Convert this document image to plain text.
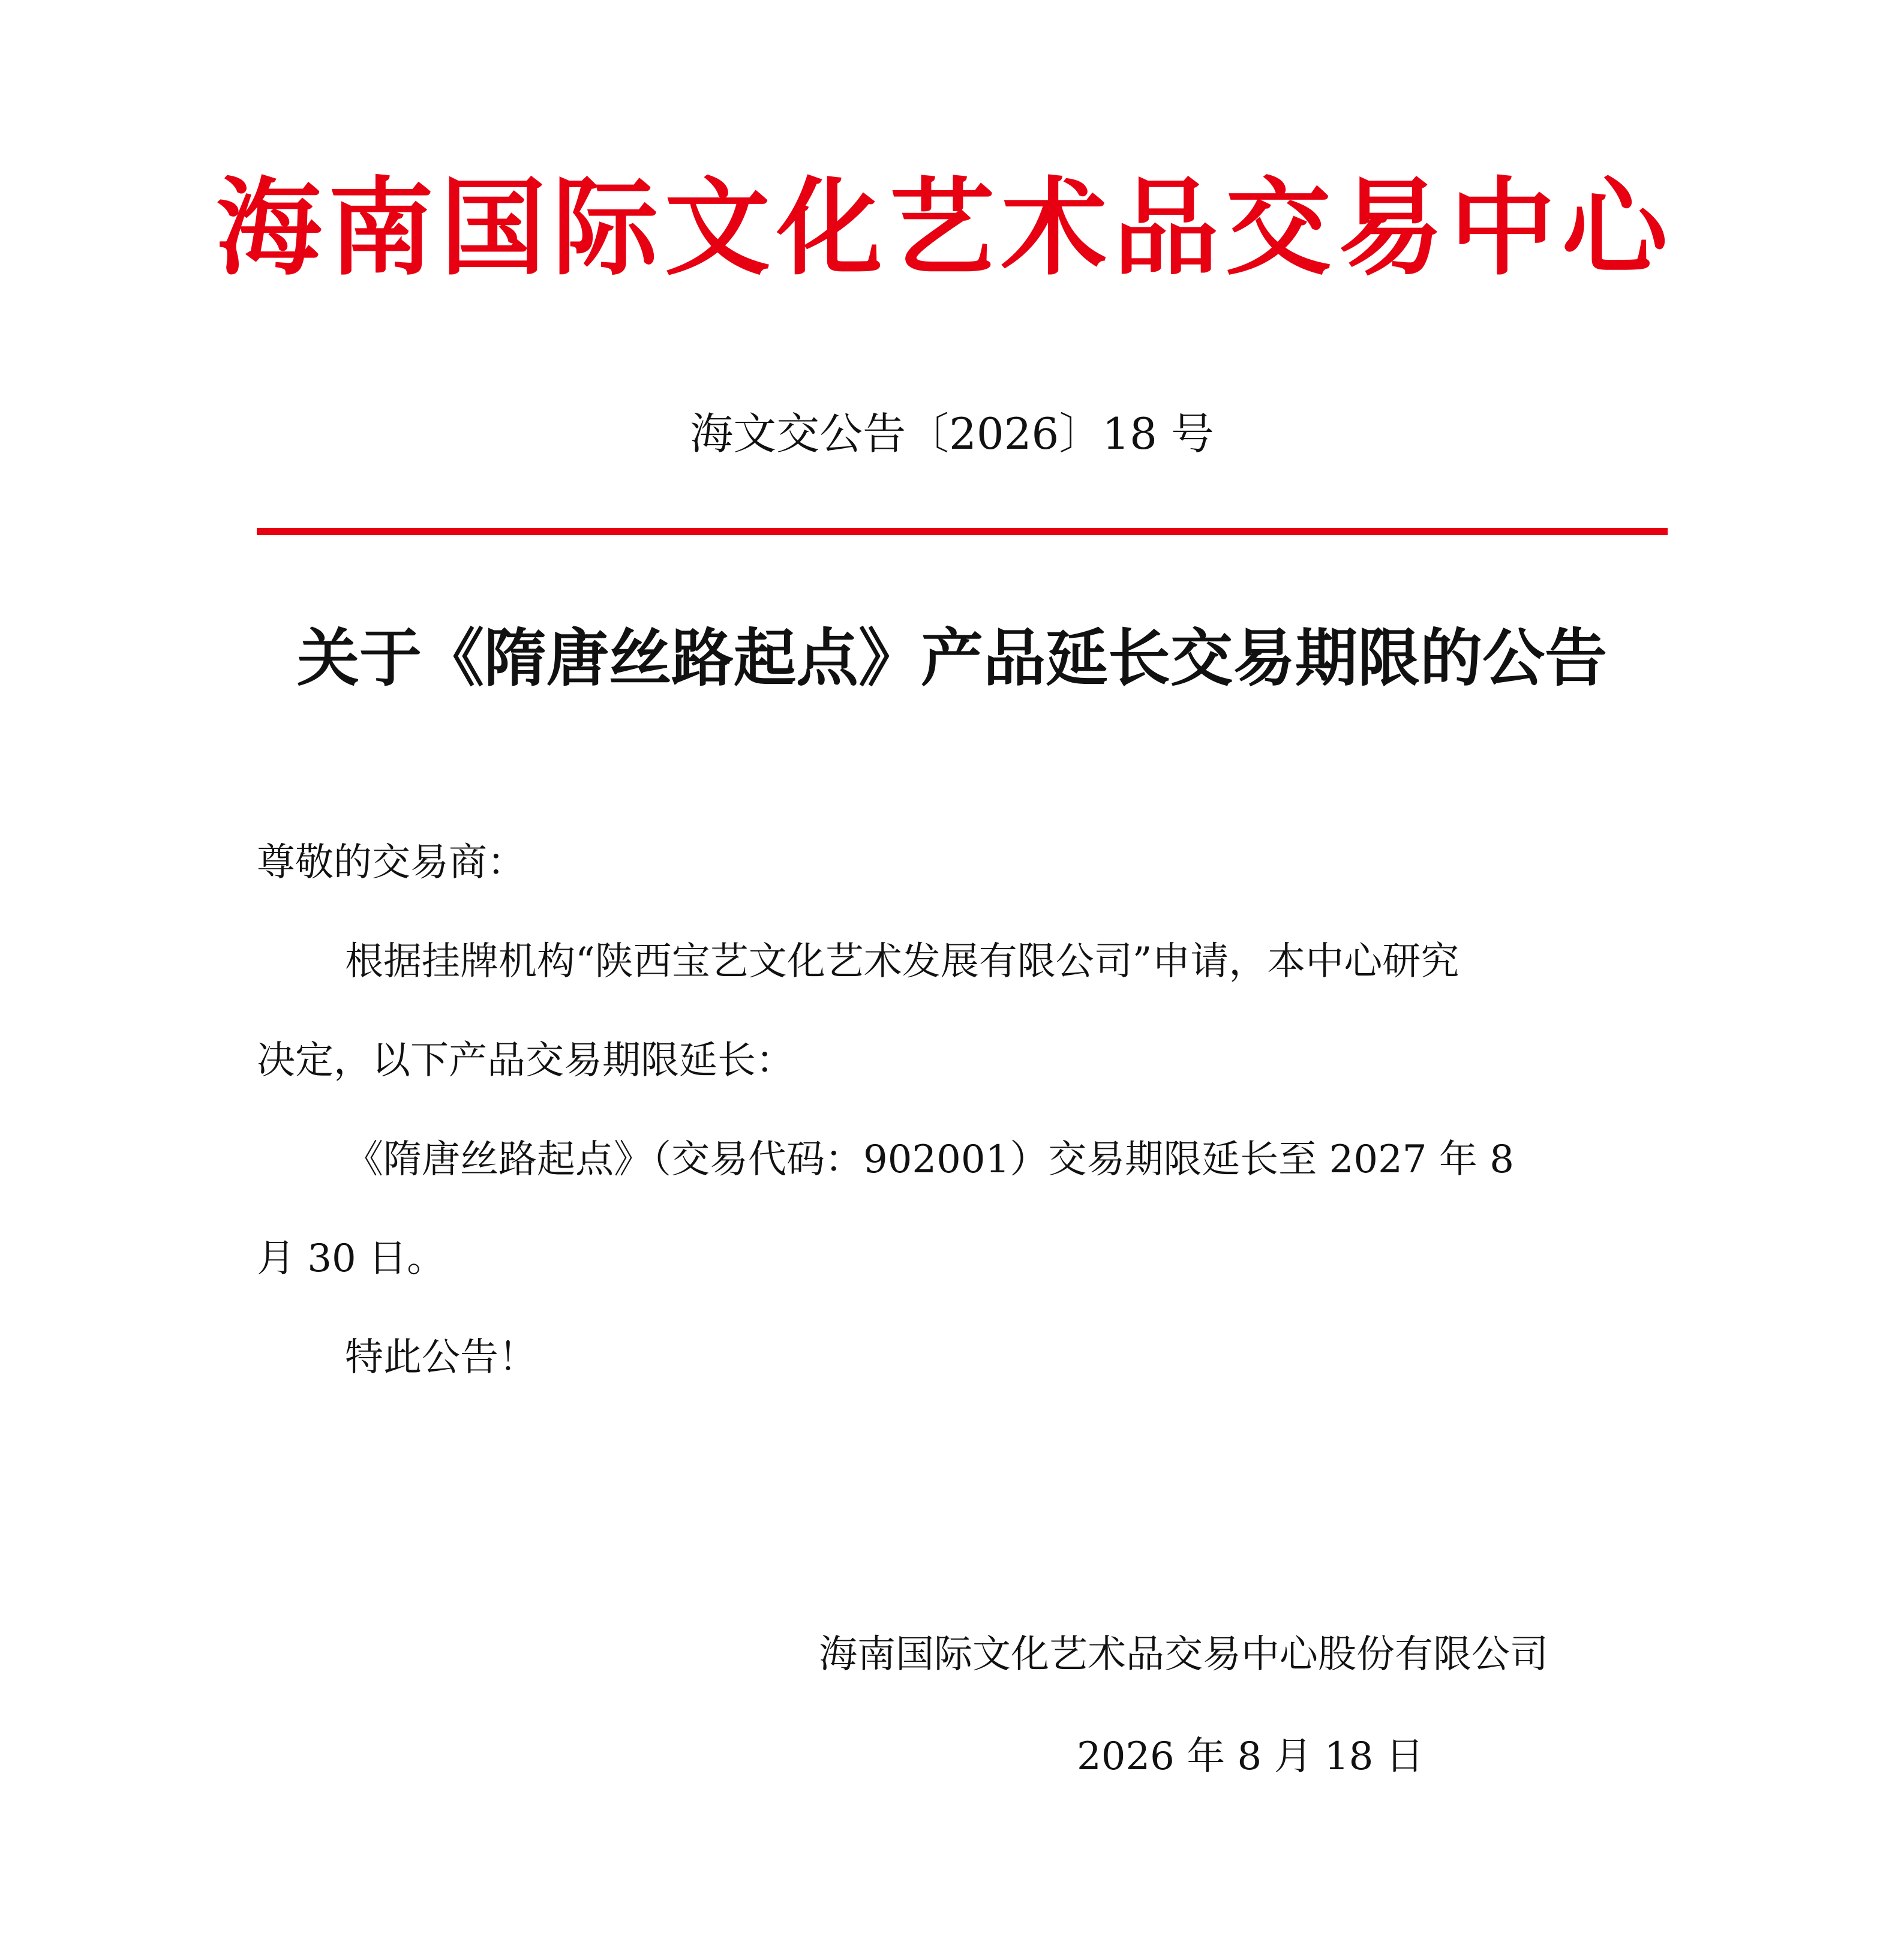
海 南 国 际 文 化 艺 术 品 交 易 中 心
海文交公告〔2026〕18 号
关于《隋唐丝路起点》产品延长交易期限的公告
尊敬的交易商：
根据挂牌机构“陕西宝艺文化艺术发展有限公司”申请，本中心研究
决定，以下产品交易期限延长：
《隋唐丝路起点》（交易代码：902001）交易期限延长至 2027 年 8
月 30 日。
特此公告！
海南国际文化艺术品交易中心股份有限公司
2026 年 8 月 18 日
